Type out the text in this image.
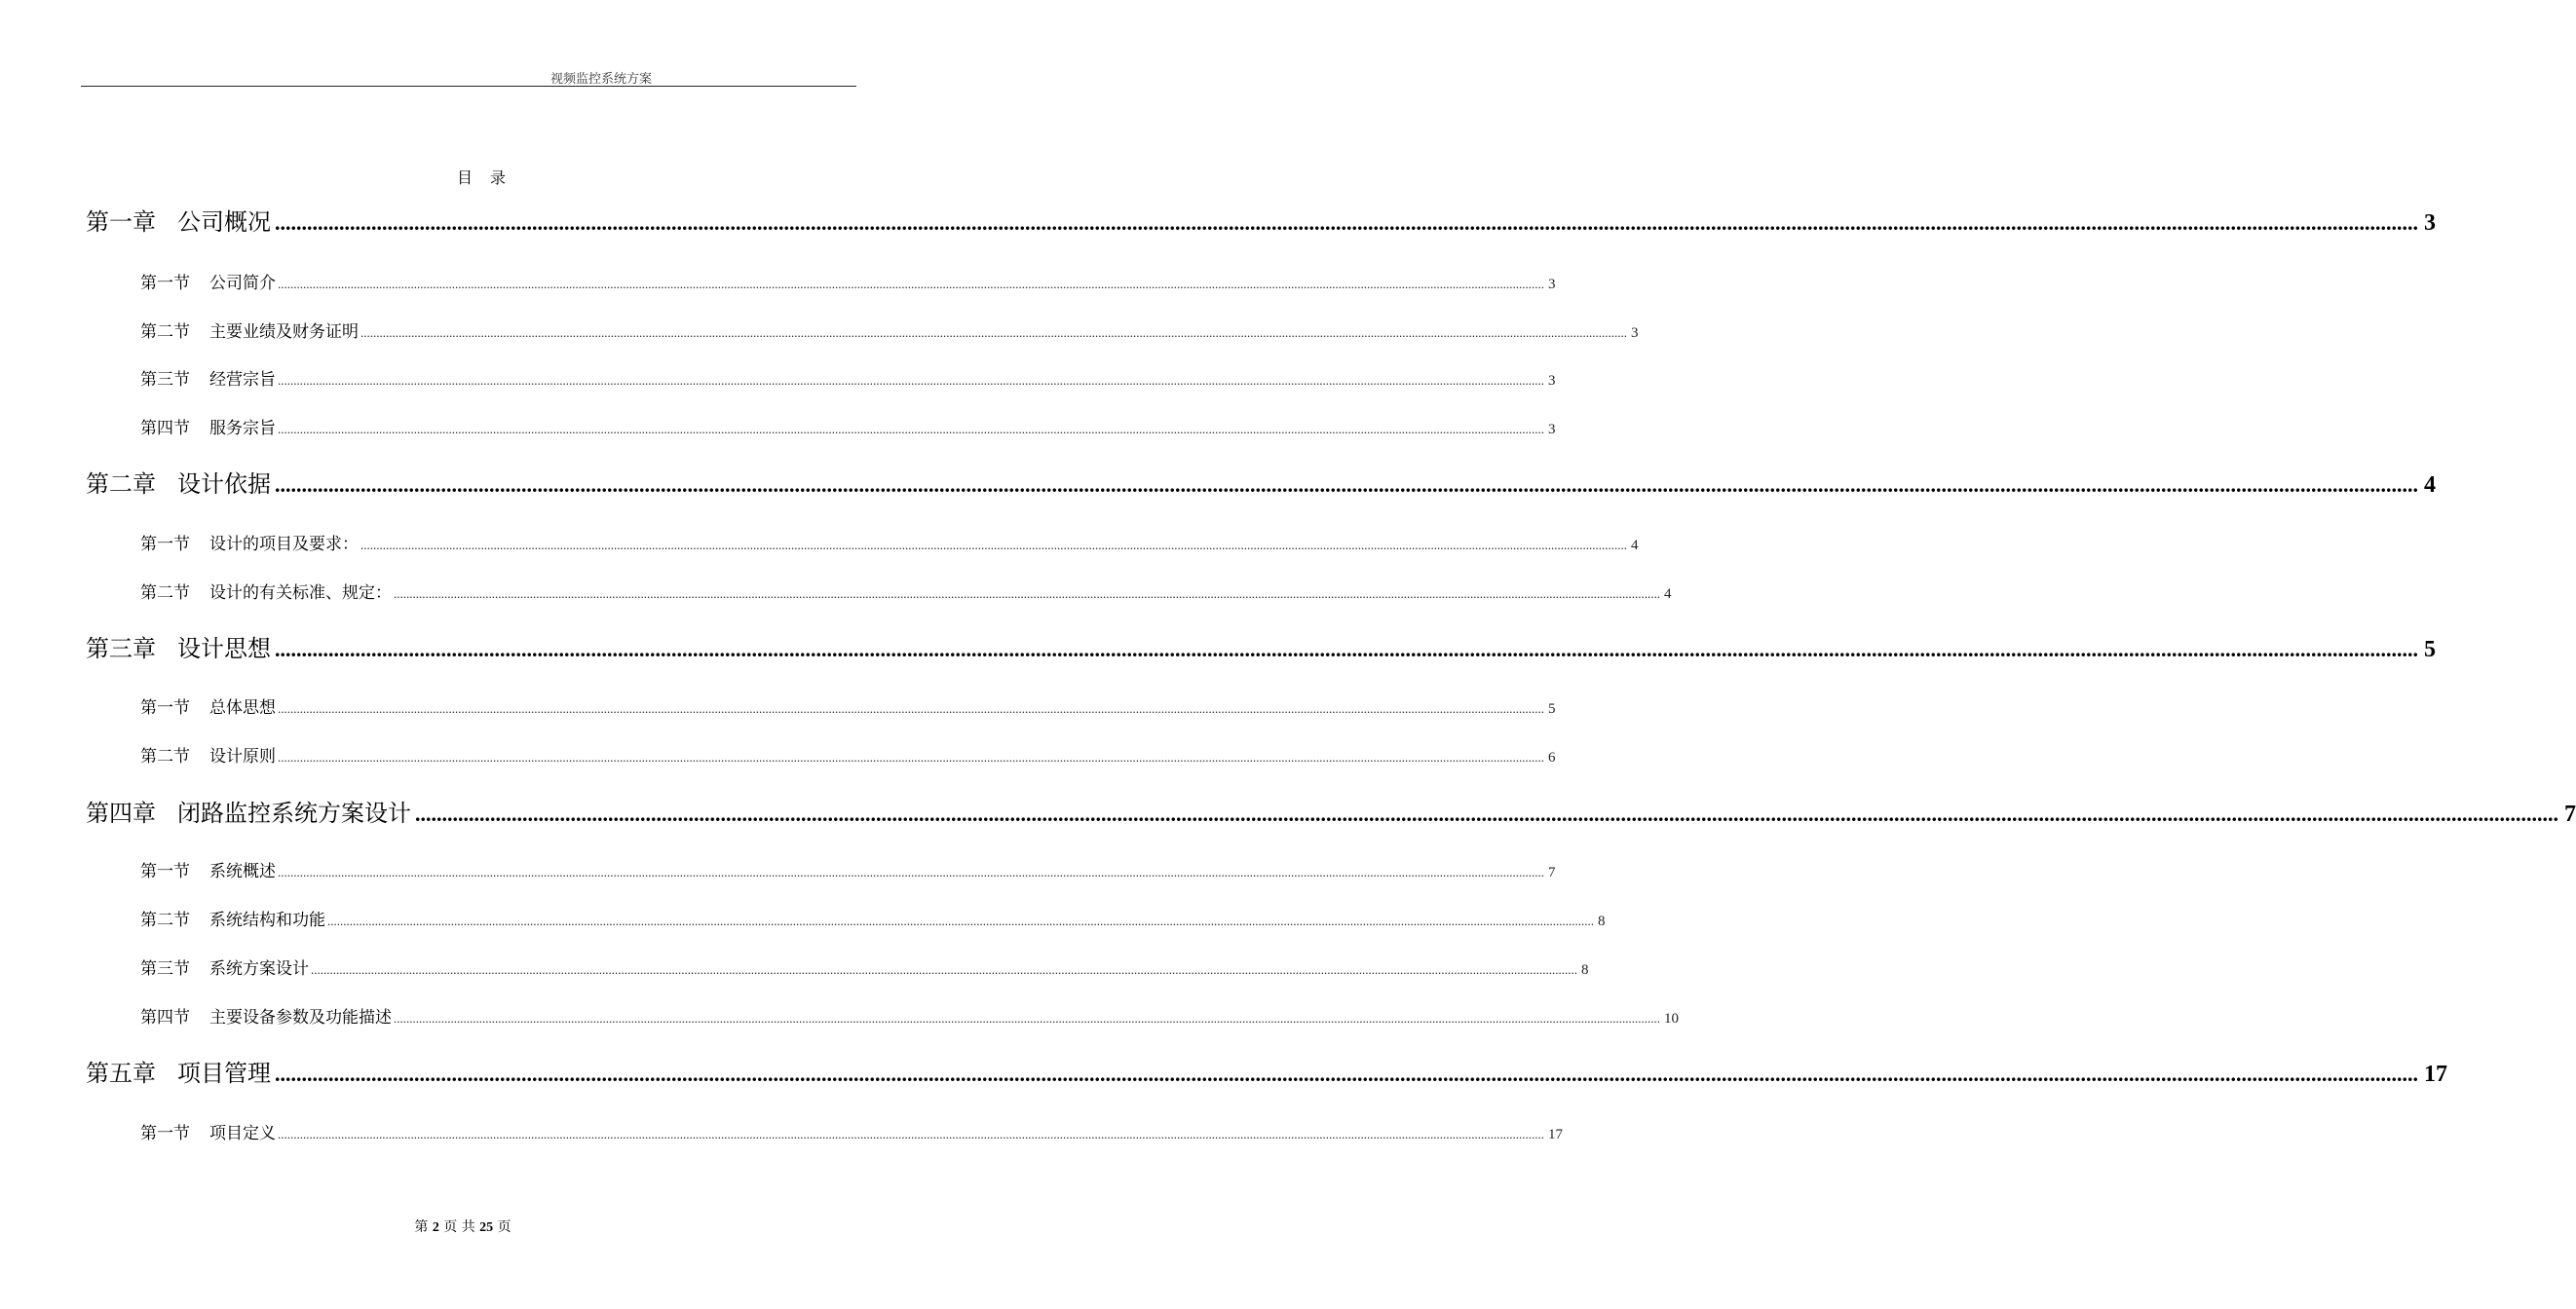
视频监控系统方案
目录
第一章 公司概况 ................................................................................................................................................................................................................................................................................................................................................................................................................ 3
第一节 公司简介 ................................................................................................................................................................................................................................................................................................................................................................................................................ 3
第二节 主要业绩及财务证明 ................................................................................................................................................................................................................................................................................................................................................................................................................ 3
第三节 经营宗旨 ................................................................................................................................................................................................................................................................................................................................................................................................................ 3
第四节 服务宗旨 ................................................................................................................................................................................................................................................................................................................................................................................................................ 3
第二章 设计依据 ................................................................................................................................................................................................................................................................................................................................................................................................................ 4
第一节 设计的项目及要求： ................................................................................................................................................................................................................................................................................................................................................................................................................ 4
第二节 设计的有关标准、规定： ................................................................................................................................................................................................................................................................................................................................................................................................................ 4
第三章 设计思想 ................................................................................................................................................................................................................................................................................................................................................................................................................ 5
第一节 总体思想 ................................................................................................................................................................................................................................................................................................................................................................................................................ 5
第二节 设计原则 ................................................................................................................................................................................................................................................................................................................................................................................................................ 6
第四章 闭路监控系统方案设计 ................................................................................................................................................................................................................................................................................................................................................................................................................ 7
第一节 系统概述 ................................................................................................................................................................................................................................................................................................................................................................................................................ 7
第二节 系统结构和功能 ................................................................................................................................................................................................................................................................................................................................................................................................................ 8
第三节 系统方案设计 ................................................................................................................................................................................................................................................................................................................................................................................................................ 8
第四节 主要设备参数及功能描述 ................................................................................................................................................................................................................................................................................................................................................................................................................ 10
第五章 项目管理 ................................................................................................................................................................................................................................................................................................................................................................................................................ 17
第一节 项目定义 ................................................................................................................................................................................................................................................................................................................................................................................................................ 17
第 2 页 共 25 页
